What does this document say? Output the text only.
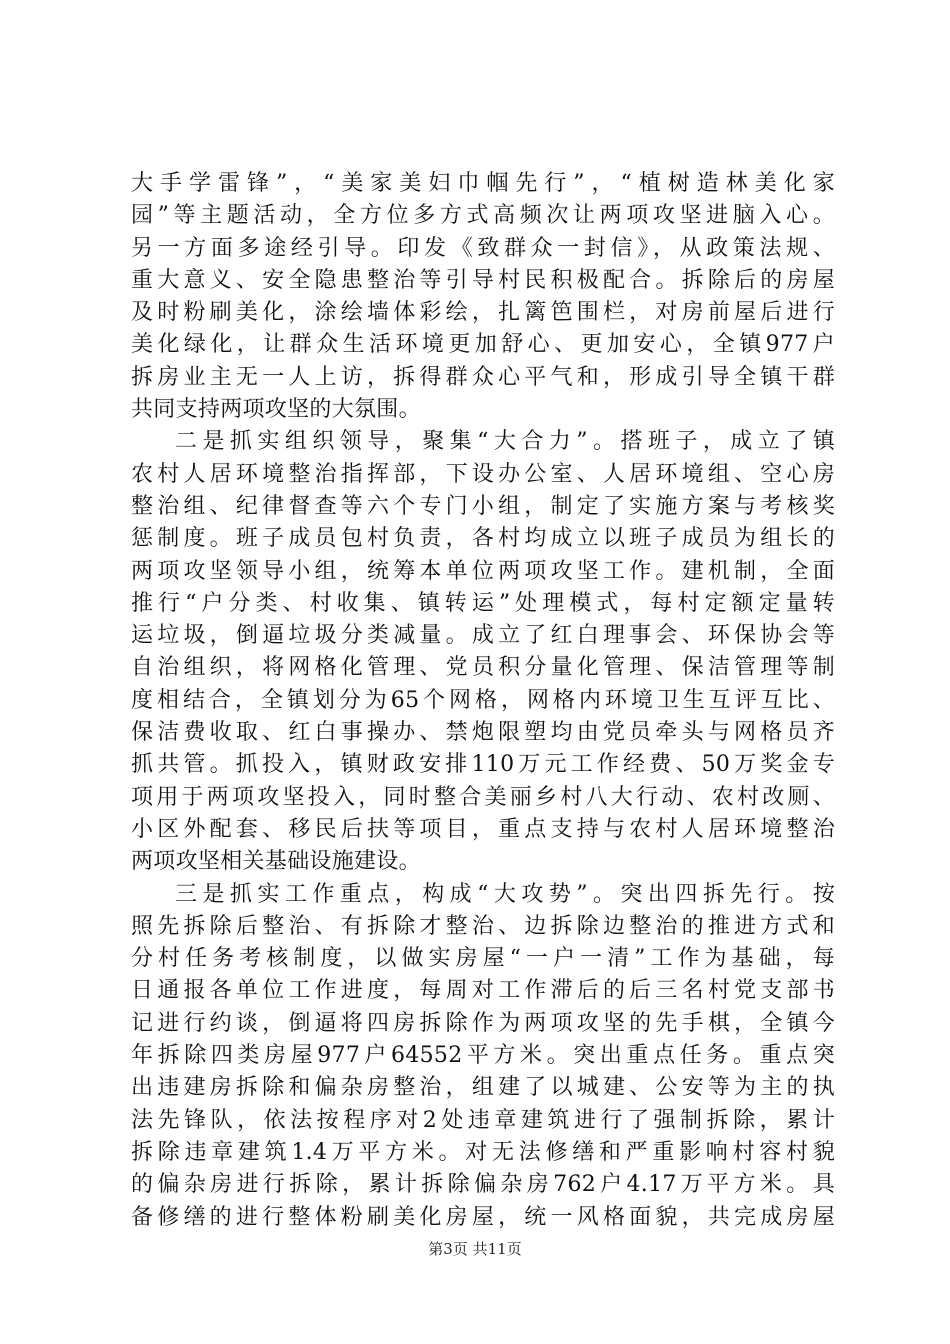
大手学雷锋”，“美家美妇巾帼先行”，“植树造林美化家
园”等主题活动，全方位多方式高频次让两项攻坚进脑入心。
另一方面多途经引导。印发《致群众一封信》，从政策法规、
重大意义、安全隐患整治等引导村民积极配合。拆除后的房屋
及时粉刷美化，涂绘墙体彩绘，扎篱笆围栏，对房前屋后进行
美化绿化，让群众生活环境更加舒心、更加安心，全镇977户
拆房业主无一人上访，拆得群众心平气和，形成引导全镇干群
共同支持两项攻坚的大氛围。
二是抓实组织领导，聚集“大合力”。搭班子，成立了镇
农村人居环境整治指挥部，下设办公室、人居环境组、空心房
整治组、纪律督查等六个专门小组，制定了实施方案与考核奖
惩制度。班子成员包村负责，各村均成立以班子成员为组长的
两项攻坚领导小组，统筹本单位两项攻坚工作。建机制，全面
推行“户分类、村收集、镇转运”处理模式，每村定额定量转
运垃圾，倒逼垃圾分类减量。成立了红白理事会、环保协会等
自治组织，将网格化管理、党员积分量化管理、保洁管理等制
度相结合，全镇划分为65个网格，网格内环境卫生互评互比、
保洁费收取、红白事操办、禁炮限塑均由党员牵头与网格员齐
抓共管。抓投入，镇财政安排110万元工作经费、50万奖金专
项用于两项攻坚投入，同时整合美丽乡村八大行动、农村改厕、
小区外配套、移民后扶等项目，重点支持与农村人居环境整治
两项攻坚相关基础设施建设。
三是抓实工作重点，构成“大攻势”。突出四拆先行。按
照先拆除后整治、有拆除才整治、边拆除边整治的推进方式和
分村任务考核制度，以做实房屋“一户一清”工作为基础，每
日通报各单位工作进度，每周对工作滞后的后三名村党支部书
记进行约谈，倒逼将四房拆除作为两项攻坚的先手棋，全镇今
年拆除四类房屋977户64552平方米。突出重点任务。重点突
出违建房拆除和偏杂房整治，组建了以城建、公安等为主的执
法先锋队，依法按程序对2处违章建筑进行了强制拆除，累计
拆除违章建筑1.4万平方米。对无法修缮和严重影响村容村貌
的偏杂房进行拆除，累计拆除偏杂房762户4.17万平方米。具
备修缮的进行整体粉刷美化房屋，统一风格面貌，共完成房屋
第3页 共11页
